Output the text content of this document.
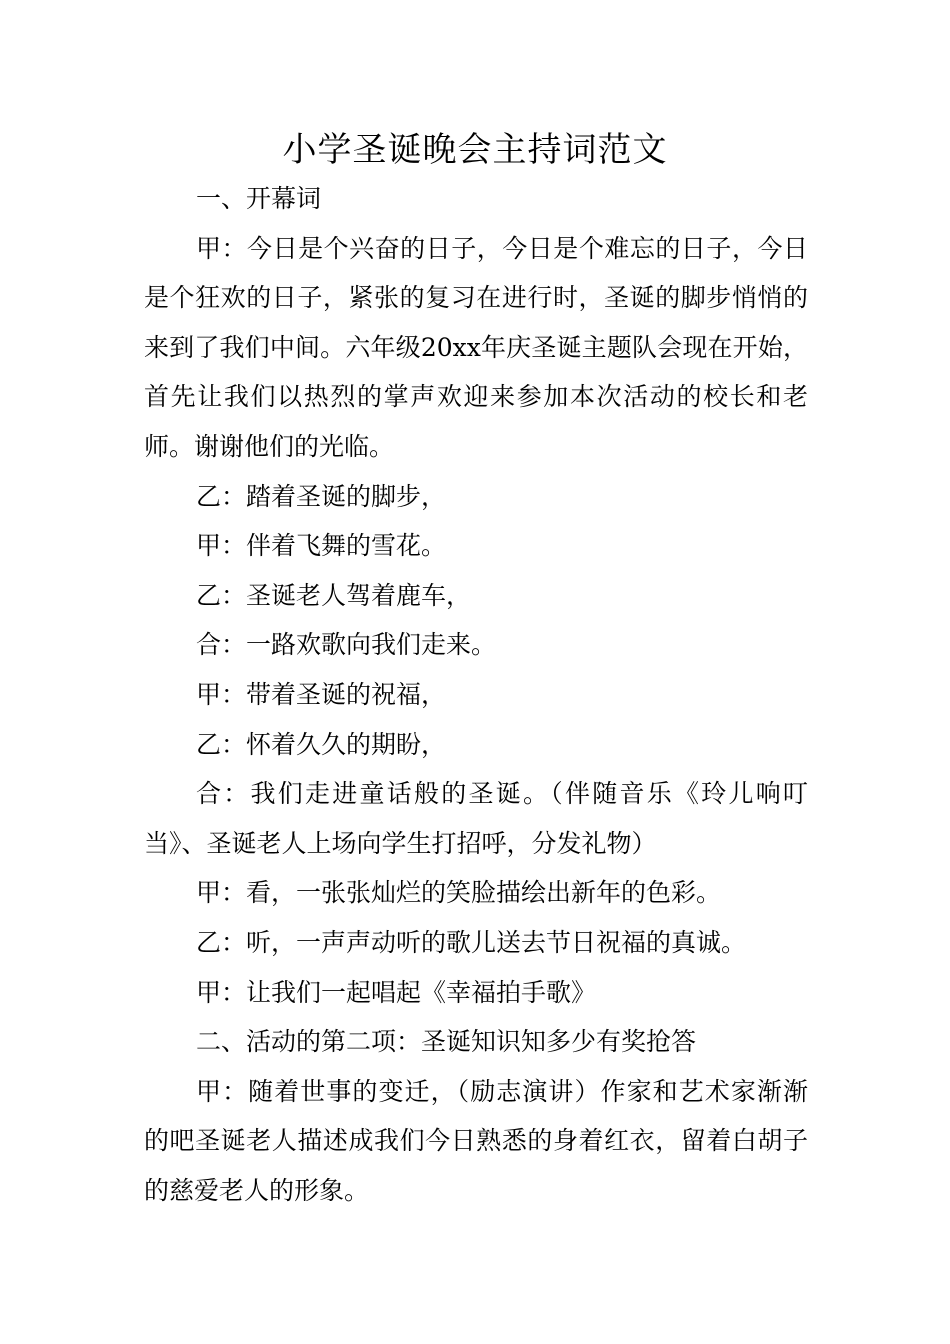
小学圣诞晚会主持词范文

一、开幕词

甲：今日是个兴奋的日子，今日是个难忘的日子，今日是个狂欢的日子，紧张的复习在进行时，圣诞的脚步悄悄的来到了我们中间。六年级20xx年庆圣诞主题队会现在开始，首先让我们以热烈的掌声欢迎来参加本次活动的校长和老师。谢谢他们的光临。

乙：踏着圣诞的脚步，

甲：伴着飞舞的雪花。

乙：圣诞老人驾着鹿车，

合：一路欢歌向我们走来。

甲：带着圣诞的祝福，

乙：怀着久久的期盼，

合：我们走进童话般的圣诞。（伴随音乐《玲儿响叮当》、圣诞老人上场向学生打招呼，分发礼物）

甲：看，一张张灿烂的笑脸描绘出新年的色彩。

乙：听，一声声动听的歌儿送去节日祝福的真诚。

甲：让我们一起唱起《幸福拍手歌》

二、活动的第二项：圣诞知识知多少有奖抢答

甲：随着世事的变迁，（励志演讲）作家和艺术家渐渐的吧圣诞老人描述成我们今日熟悉的身着红衣，留着白胡子的慈爱老人的形象。
